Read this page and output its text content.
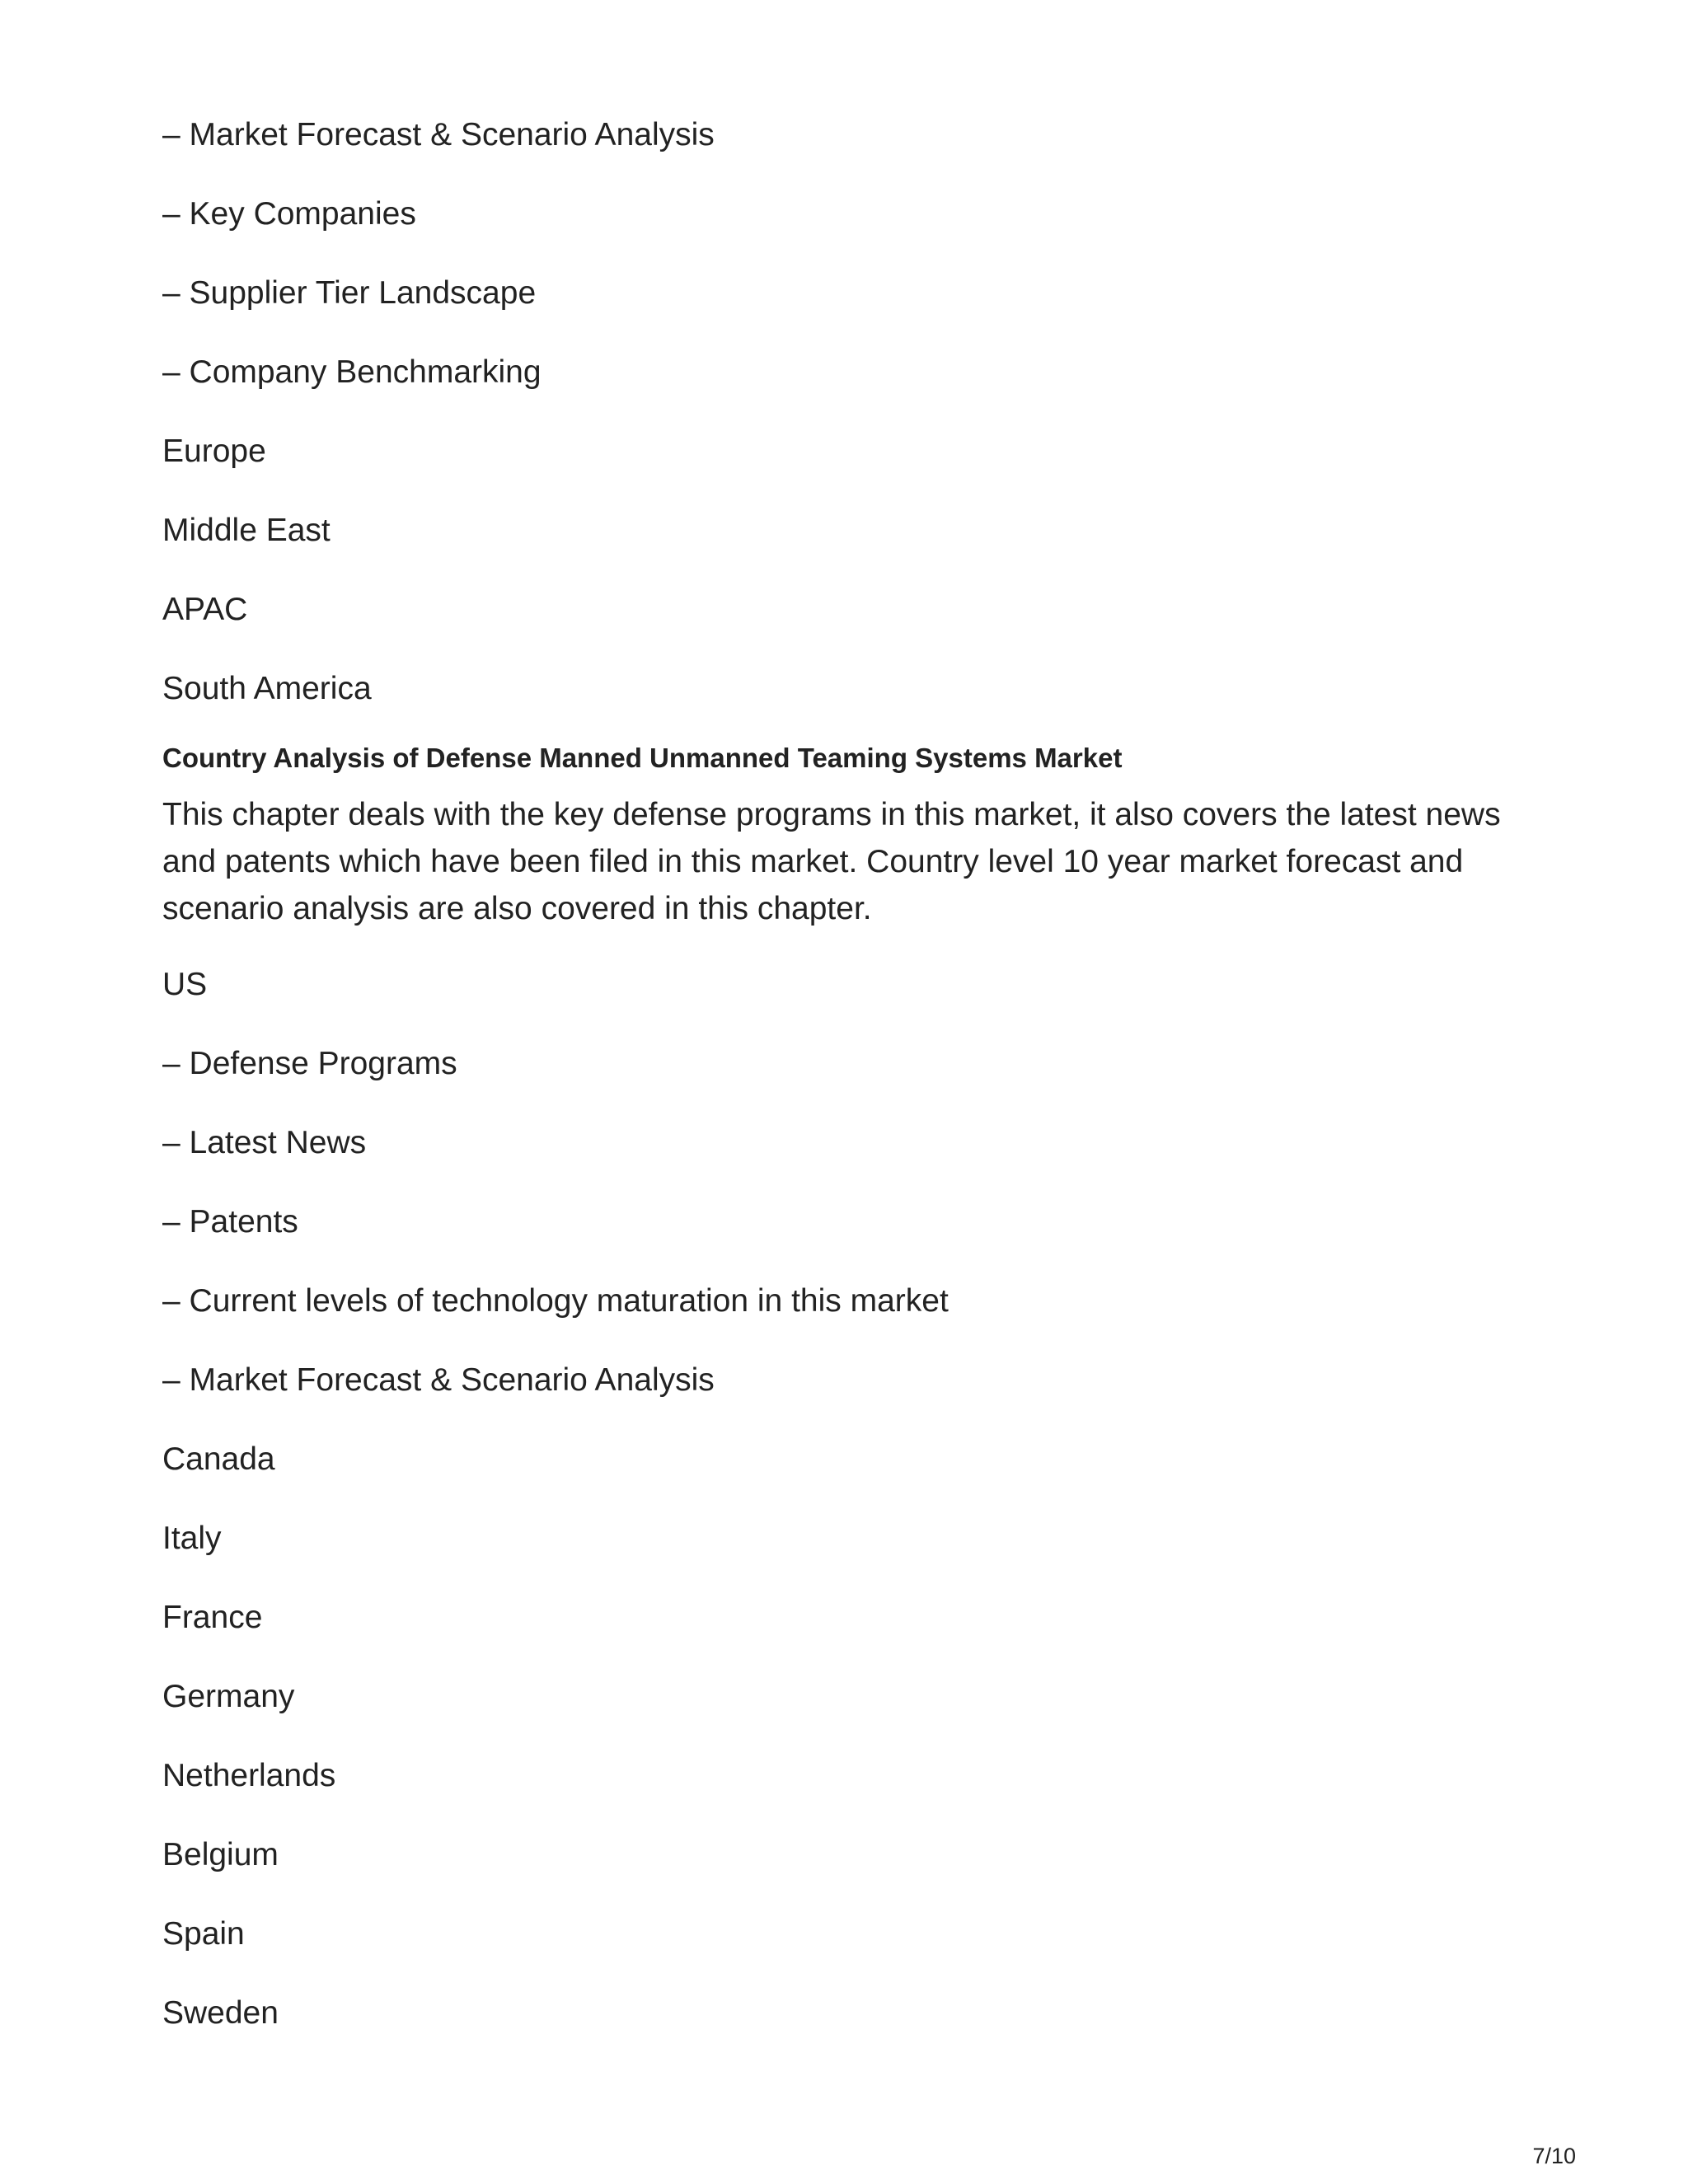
– Market Forecast & Scenario Analysis
– Key Companies
– Supplier Tier Landscape
– Company Benchmarking
Europe
Middle East
APAC
South America
Country Analysis of Defense Manned Unmanned Teaming Systems Market
This chapter deals with the key defense programs in this market, it also covers the latest news and patents which have been filed in this market. Country level 10 year market forecast and scenario analysis are also covered in this chapter.
US
– Defense Programs
– Latest News
– Patents
– Current levels of technology maturation in this market
– Market Forecast & Scenario Analysis
Canada
Italy
France
Germany
Netherlands
Belgium
Spain
Sweden
7/10
